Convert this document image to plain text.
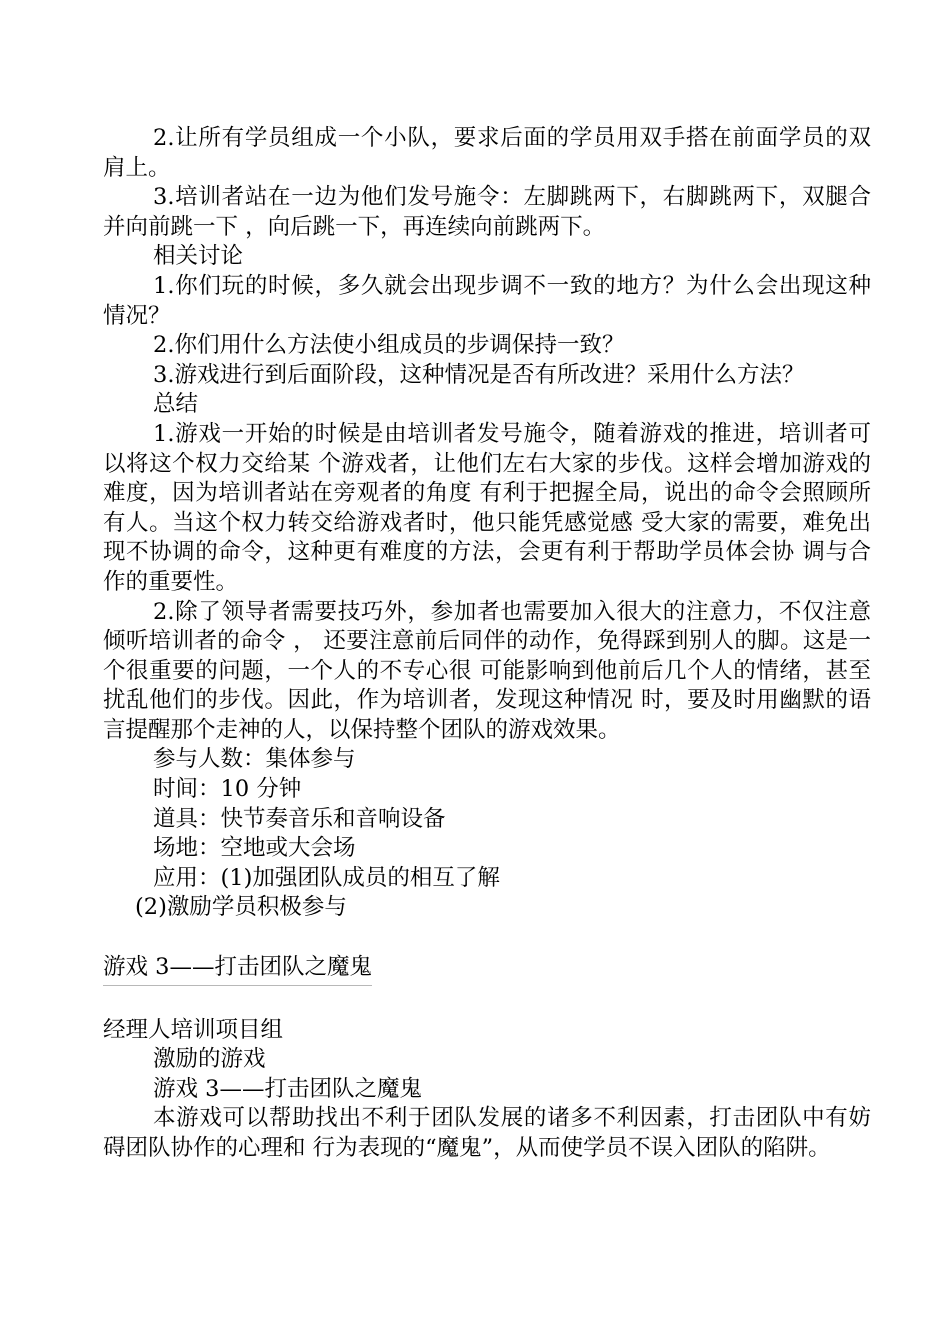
2.让所有学员组成一个小队，要求后面的学员用双手搭在前面学员的双肩上。

3.培训者站在一边为他们发号施令：左脚跳两下，右脚跳两下，双腿合并向前跳一下 ，向后跳一下，再连续向前跳两下。

相关讨论

1.你们玩的时候，多久就会出现步调不一致的地方？为什么会出现这种情况？

2.你们用什么方法使小组成员的步调保持一致？

3.游戏进行到后面阶段，这种情况是否有所改进？采用什么方法？

总结

1.游戏一开始的时候是由培训者发号施令，随着游戏的推进，培训者可以将这个权力交给某 个游戏者，让他们左右大家的步伐。这样会增加游戏的难度，因为培训者站在旁观者的角度 有利于把握全局，说出的命令会照顾所有人。当这个权力转交给游戏者时，他只能凭感觉感 受大家的需要，难免出现不协调的命令，这种更有难度的方法，会更有利于帮助学员体会协 调与合作的重要性。

2.除了领导者需要技巧外，参加者也需要加入很大的注意力，不仅注意倾听培训者的命令 ， 还要注意前后同伴的动作，免得踩到别人的脚。这是一个很重要的问题，一个人的不专心很 可能影响到他前后几个人的情绪，甚至扰乱他们的步伐。因此，作为培训者，发现这种情况 时，要及时用幽默的语言提醒那个走神的人，以保持整个团队的游戏效果。

参与人数：集体参与

时间：10 分钟

道具：快节奏音乐和音响设备

场地：空地或大会场

应用：(1)加强团队成员的相互了解

(2)激励学员积极参与

游戏 3——打击团队之魔鬼

经理人培训项目组

激励的游戏

游戏 3——打击团队之魔鬼

本游戏可以帮助找出不利于团队发展的诸多不利因素，打击团队中有妨碍团队协作的心理和 行为表现的“魔鬼”，从而使学员不误入团队的陷阱。
